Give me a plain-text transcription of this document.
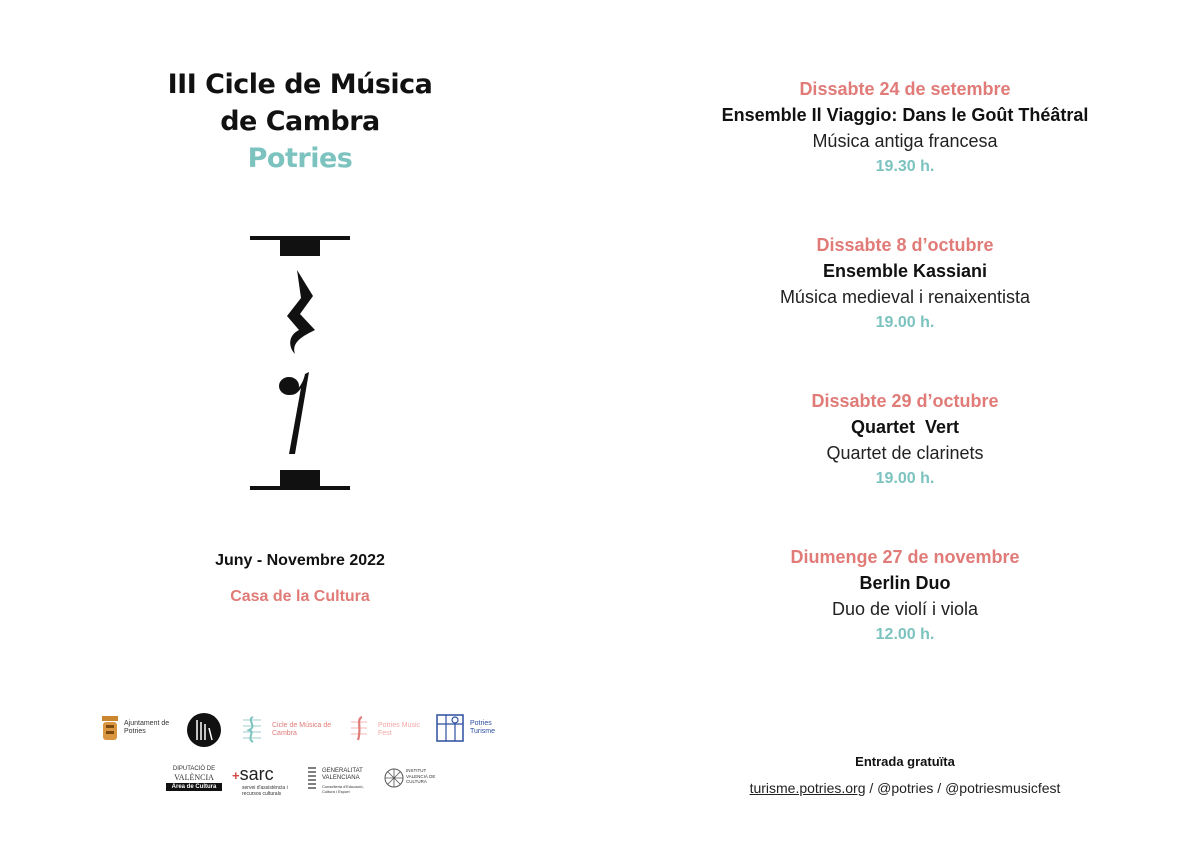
III Cicle de Música
de Cambra
Potries
Juny - Novembre 2022
Casa de la Cultura
Ajuntament de Potries
Cicle de Música de Cambra
Potries Music Fest
Potries Turisme
DIPUTACIÓ DE
VALÈNCIA
Àrea de Cultura
+sarc
servei d'assistència i recursos culturals
GENERALITAT VALENCIANA
Conselleria d'Educació, Cultura i Esport
INSTITUT VALENCIÀ DE CULTURA
Dissabte 24 de setembre
Ensemble Il Viaggio: Dans le Goût Théâtral
Música antiga francesa
19.30 h.
Dissabte 8 d’octubre
Ensemble Kassiani
Música medieval i renaixentista
19.00 h.
Dissabte 29 d’octubre
Quartet  Vert
Quartet de clarinets
19.00 h.
Diumenge 27 de novembre
Berlin Duo
Duo de violí i viola
12.00 h.
Entrada gratuïta
turisme.potries.org / @potries / @potriesmusicfest
